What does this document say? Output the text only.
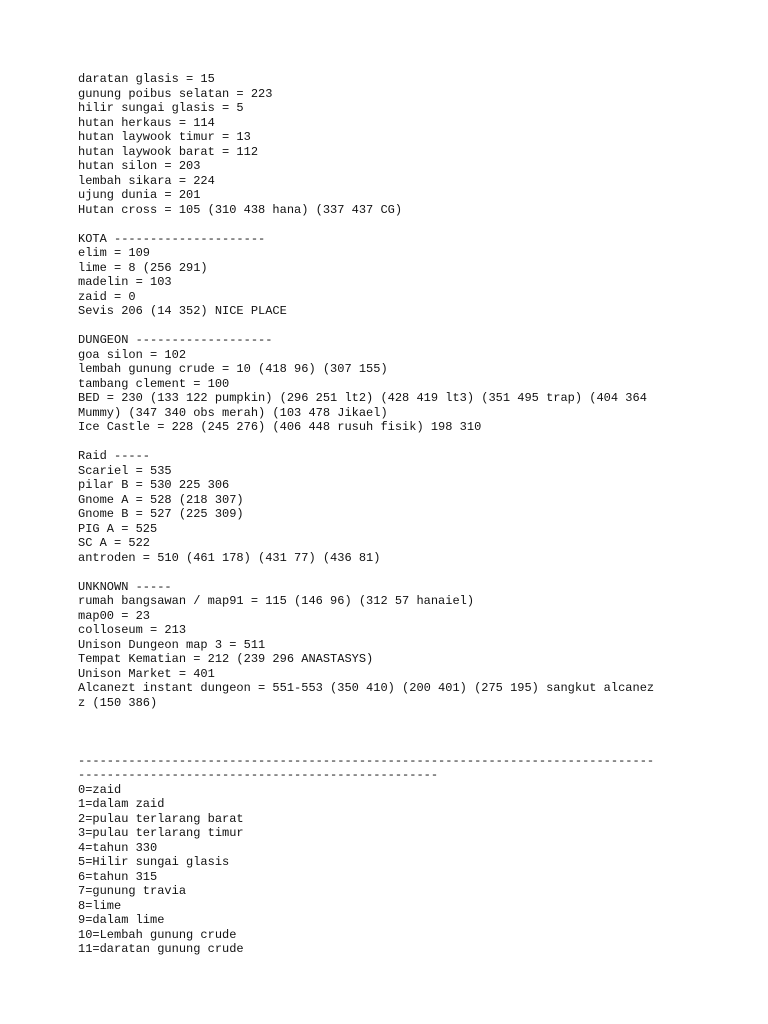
daratan glasis = 15
gunung poibus selatan = 223
hilir sungai glasis = 5
hutan herkaus = 114
hutan laywook timur = 13
hutan laywook barat = 112
hutan silon = 203
lembah sikara = 224
ujung dunia = 201
Hutan cross = 105 (310 438 hana) (337 437 CG)
KOTA ---------------------
elim = 109
lime = 8 (256 291)
madelin = 103
zaid = 0
Sevis 206 (14 352) NICE PLACE
DUNGEON -------------------
goa silon = 102
lembah gunung crude = 10 (418 96) (307 155)
tambang clement = 100
BED = 230 (133 122 pumpkin) (296 251 lt2) (428 419 lt3) (351 495 trap) (404 364
Mummy) (347 340 obs merah) (103 478 Jikael)
Ice Castle = 228 (245 276) (406 448 rusuh fisik) 198 310
Raid -----
Scariel = 535
pilar B = 530 225 306
Gnome A = 528 (218 307)
Gnome B = 527 (225 309)
PIG A = 525
SC A = 522
antroden = 510 (461 178) (431 77) (436 81)
UNKNOWN -----
rumah bangsawan / map91 = 115 (146 96) (312 57 hanaiel)
map00 = 23
colloseum = 213
Unison Dungeon map 3 = 511
Tempat Kematian = 212 (239 296 ANASTASYS)
Unison Market = 401
Alcanezt instant dungeon = 551-553 (350 410) (200 401) (275 195) sangkut alcanez
z (150 386)
--------------------------------------------------------------------------------
--------------------------------------------------
0=zaid
1=dalam zaid
2=pulau terlarang barat
3=pulau terlarang timur
4=tahun 330
5=Hilir sungai glasis
6=tahun 315
7=gunung travia
8=lime
9=dalam lime
10=Lembah gunung crude
11=daratan gunung crude
